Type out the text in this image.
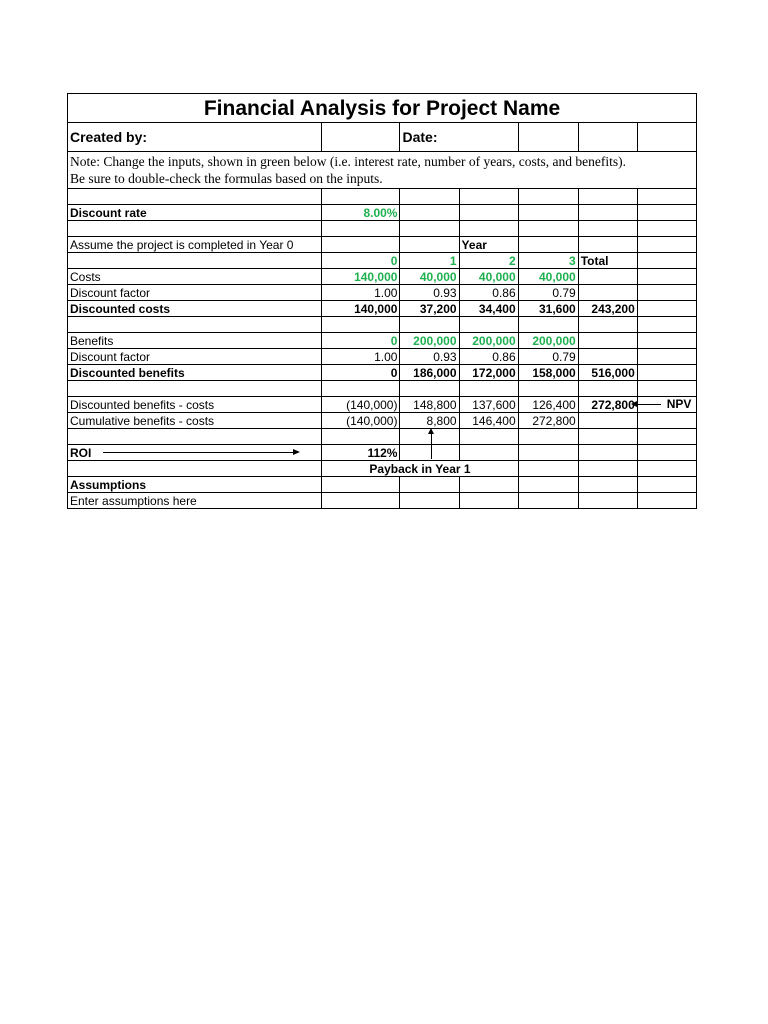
Financial Analysis for Project Name						
Created by:		Date:				
Note: Change the inputs, shown in green below (i.e. interest rate, number of years, costs, and benefits).
Be sure to double-check the formulas based on the inputs.						

Discount rate	8.00%					

Assume the project is completed in Year 0			Year			
	0	1	2	3	Total	
Costs	140,000	40,000	40,000	40,000		
Discount factor	1.00	0.93	0.86	0.79		
Discounted costs	140,000	37,200	34,400	31,600	243,200	

Benefits	0	200,000	200,000	200,000		
Discount factor	1.00	0.93	0.86	0.79		
Discounted benefits	0	186,000	172,000	158,000	516,000	

Discounted benefits - costs	(140,000)	148,800	137,600	126,400	272,800 NPV	

Cumulative benefits - costs	(140,000)	8,800	146,400	272,800		

ROI	112%					
	Payback in Year 1					
Assumptions						
Enter assumptions here						
